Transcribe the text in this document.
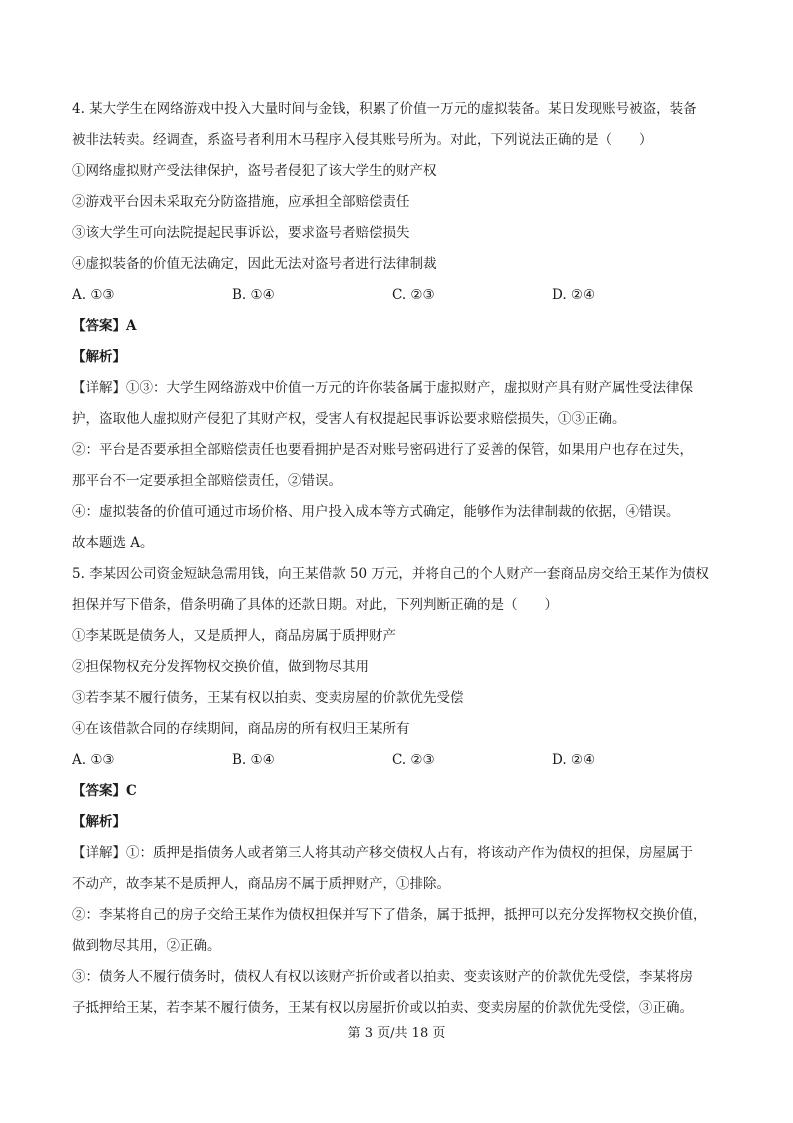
4. 某大学生在网络游戏中投入大量时间与金钱，积累了价值一万元的虚拟装备。某日发现账号被盗，装备
被非法转卖。经调查，系盗号者利用木马程序入侵其账号所为。对此，下列说法正确的是（　　）
①网络虚拟财产受法律保护，盗号者侵犯了该大学生的财产权
②游戏平台因未采取充分防盗措施，应承担全部赔偿责任
③该大学生可向法院提起民事诉讼，要求盗号者赔偿损失
④虚拟装备的价值无法确定，因此无法对盗号者进行法律制裁
A. ①③	B. ①④	C. ②③	D. ②④
【答案】A
【解析】
【详解】①③：大学生网络游戏中价值一万元的许你装备属于虚拟财产，虚拟财产具有财产属性受法律保
护，盗取他人虚拟财产侵犯了其财产权，受害人有权提起民事诉讼要求赔偿损失，①③正确。
②：平台是否要承担全部赔偿责任也要看拥护是否对账号密码进行了妥善的保管，如果用户也存在过失，
那平台不一定要承担全部赔偿责任，②错误。
④：虚拟装备的价值可通过市场价格、用户投入成本等方式确定，能够作为法律制裁的依据，④错误。
故本题选 A。
5. 李某因公司资金短缺急需用钱，向王某借款 50 万元，并将自己的个人财产一套商品房交给王某作为债权
担保并写下借条，借条明确了具体的还款日期。对此，下列判断正确的是（　　）
①李某既是债务人，又是质押人，商品房属于质押财产
②担保物权充分发挥物权交换价值，做到物尽其用
③若李某不履行债务，王某有权以拍卖、变卖房屋的价款优先受偿
④在该借款合同的存续期间，商品房的所有权归王某所有
A. ①③	B. ①④	C. ②③	D. ②④
【答案】C
【解析】
【详解】①：质押是指债务人或者第三人将其动产移交债权人占有，将该动产作为债权的担保，房屋属于
不动产，故李某不是质押人，商品房不属于质押财产，①排除。
②：李某将自己的房子交给王某作为债权担保并写下了借条，属于抵押，抵押可以充分发挥物权交换价值，
做到物尽其用，②正确。
③：债务人不履行债务时，债权人有权以该财产折价或者以拍卖、变卖该财产的价款优先受偿，李某将房
子抵押给王某，若李某不履行债务，王某有权以房屋折价或以拍卖、变卖房屋的价款优先受偿，③正确。
第 3 页/共 18 页
